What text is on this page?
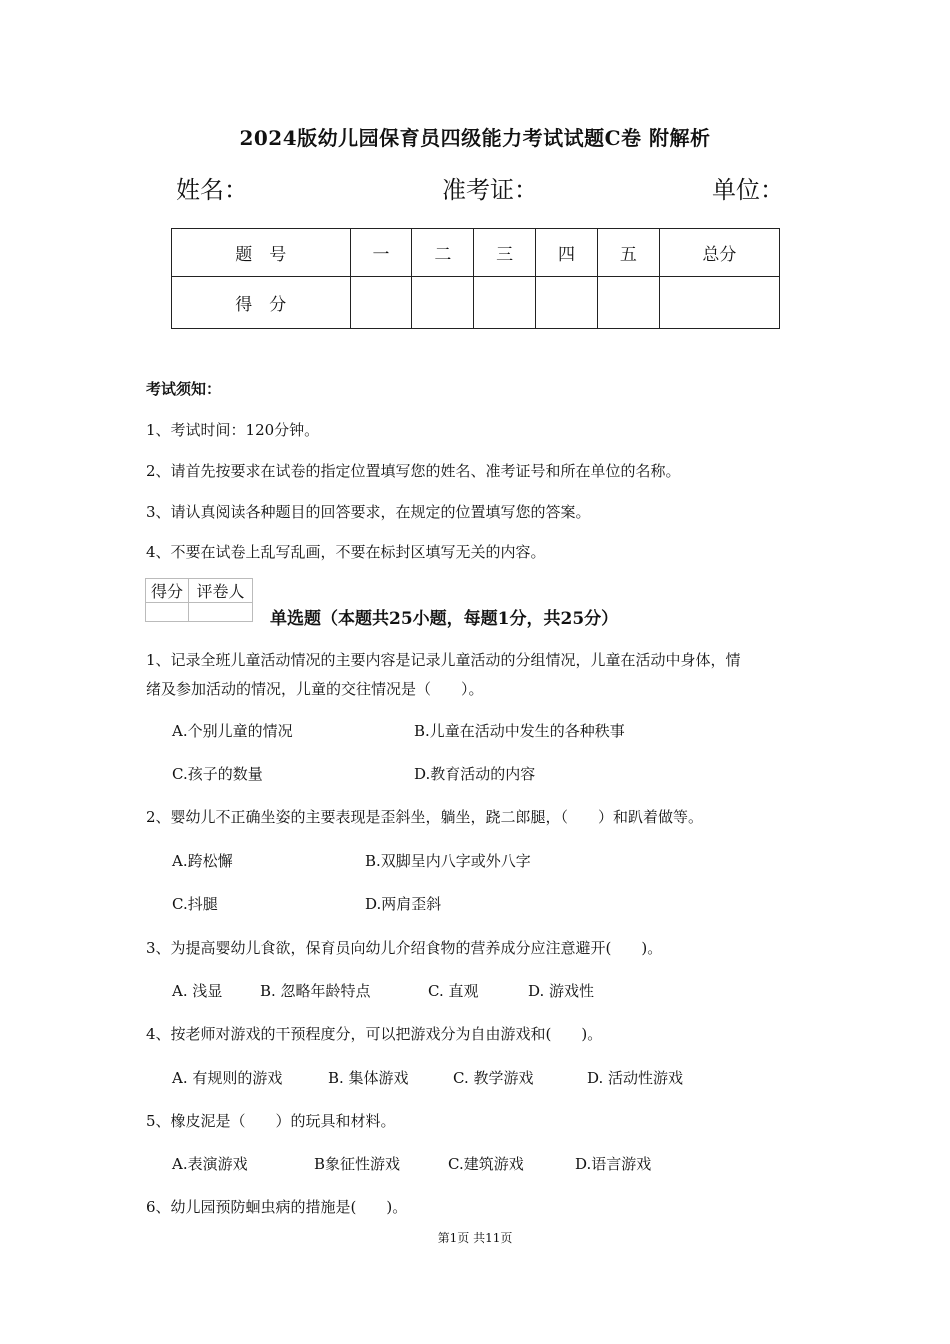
2024版幼儿园保育员四级能力考试试题C卷 附解析
姓名：	准考证：	单位：
题　号	一	二	三	四	五	总分
得　分						
考试须知：
1、考试时间：120分钟。
2、请首先按要求在试卷的指定位置填写您的姓名、准考证号和所在单位的名称。
3、请认真阅读各种题目的回答要求，在规定的位置填写您的答案。
4、不要在试卷上乱写乱画，不要在标封区填写无关的内容。
得分	评卷人

单选题（本题共25小题，每题1分，共25分）
1、记录全班儿童活动情况的主要内容是记录儿童活动的分组情况，儿童在活动中身体，情
绪及参加活动的情况，儿童的交往情况是（　　）。
A.个别儿童的情况	B.儿童在活动中发生的各种秩事
C.孩子的数量	D.教育活动的内容
2、婴幼儿不正确坐姿的主要表现是歪斜坐，躺坐，跷二郎腿，（　　）和趴着做等。
A.跨松懈	B.双脚呈内八字或外八字
C.抖腿	D.两肩歪斜
3、为提高婴幼儿食欲，保育员向幼儿介绍食物的营养成分应注意避开(　　)。
A. 浅显	B. 忽略年龄特点	C. 直观	D. 游戏性
4、按老师对游戏的干预程度分，可以把游戏分为自由游戏和(　　)。
A. 有规则的游戏	B. 集体游戏	C. 教学游戏	D. 活动性游戏
5、橡皮泥是（　　）的玩具和材料。
A.表演游戏	B象征性游戏	C.建筑游戏	D.语言游戏
6、幼儿园预防蛔虫病的措施是(　　)。
第1页 共11页
